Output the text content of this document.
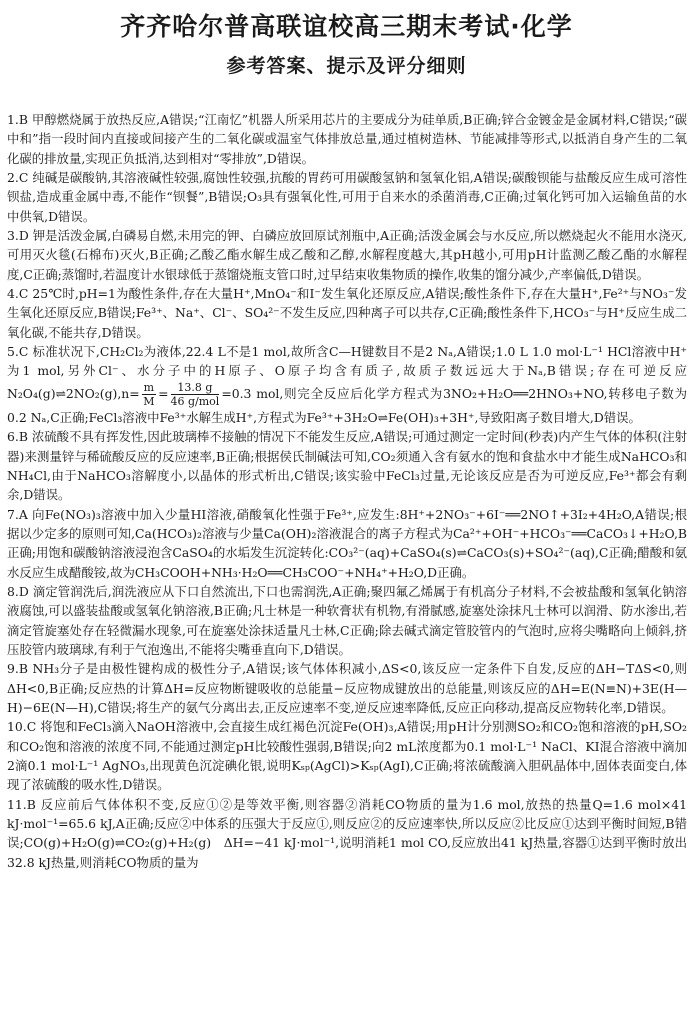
齐齐哈尔普高联谊校高三期末考试·化学
参考答案、提示及评分细则

1.B 甲醇燃烧属于放热反应,A错误;“江南忆”机器人所采用芯片的主要成分为硅单质,B正确;锌合金镀金是金属材料,C错误;“碳中和”指一段时间内直接或间接产生的二氧化碳或温室气体排放总量,通过植树造林、节能减排等形式,以抵消自身产生的二氧化碳的排放量,实现正负抵消,达到相对“零排放”,D错误。

2.C 纯碱是碳酸钠,其溶液碱性较强,腐蚀性较强,抗酸的胃药可用碳酸氢钠和氢氧化铝,A错误;碳酸钡能与盐酸反应生成可溶性钡盐,造成重金属中毒,不能作“钡餐”,B错误;O₃具有强氧化性,可用于自来水的杀菌消毒,C正确;过氧化钙可加入运输鱼苗的水中供氧,D错误。

3.D 钾是活泼金属,白磷易自燃,未用完的钾、白磷应放回原试剂瓶中,A正确;活泼金属会与水反应,所以燃烧起火不能用水浇灭,可用灭火毯(石棉布)灭火,B正确;乙酸乙酯水解生成乙酸和乙醇,水解程度越大,其pH越小,可用pH计监测乙酸乙酯的水解程度,C正确;蒸馏时,若温度计水银球低于蒸馏烧瓶支管口时,过早结束收集物质的操作,收集的馏分减少,产率偏低,D错误。

4.C 25℃时,pH=1为酸性条件,存在大量H⁺,MnO₄⁻和I⁻发生氧化还原反应,A错误;酸性条件下,存在大量H⁺,Fe²⁺与NO₃⁻发生氧化还原反应,B错误;Fe³⁺、Na⁺、Cl⁻、SO₄²⁻不发生反应,四种离子可以共存,C正确;酸性条件下,HCO₃⁻与H⁺反应生成二氧化碳,不能共存,D错误。

5.C 标准状况下,CH₂Cl₂为液体,22.4 L不是1 mol,故所含C—H键数目不是2 Nₐ,A错误;1.0 L 1.0 mol·L⁻¹ HCl溶液中H⁺为1 mol,另外Cl⁻、水分子中的H原子、O原子均含有质子,故质子数远远大于Nₐ,B错误;存在可逆反应N₂O₄(g)⇌2NO₂(g),n= $\frac{m}{M} = \frac{13.8 g}{\text{46 g/mol}} =0.3$ mol,则完全反应后化学方程式为3NO₂+H₂O══2HNO₃+NO,转移电子数为0.2 Nₐ,C正确;FeCl₃溶液中Fe³⁺水解生成H⁺,方程式为Fe³⁺+3H₂O⇌Fe(OH)₃+3H⁺,导致阳离子数目增大,D错误。

6.B 浓硫酸不具有挥发性,因此玻璃棒不接触的情况下不能发生反应,A错误;可通过测定一定时间(秒表)内产生气体的体积(注射器)来测量锌与稀硫酸反应的反应速率,B正确;根据侯氏制碱法可知,CO₂须通入含有氨水的饱和食盐水中才能生成NaHCO₃和NH₄Cl,由于NaHCO₃溶解度小,以晶体的形式析出,C错误;该实验中FeCl₃过量,无论该反应是否为可逆反应,Fe³⁺都会有剩余,D错误。

7.A 向Fe(NO₃)₃溶液中加入少量HI溶液,硝酸氧化性强于Fe³⁺,应发生:8H⁺+2NO₃⁻+6I⁻══2NO↑+3I₂+4H₂O,A错误;根据以少定多的原则可知,Ca(HCO₃)₂溶液与少量Ca(OH)₂溶液混合的离子方程式为Ca²⁺+OH⁻+HCO₃⁻══CaCO₃↓+H₂O,B正确;用饱和碳酸钠溶液浸泡含CaSO₄的水垢发生沉淀转化:CO₃²⁻(aq)+CaSO₄(s)⇌CaCO₃(s)+SO₄²⁻(aq),C正确;醋酸和氨水反应生成醋酸铵,故为CH₃COOH+NH₃·H₂O══CH₃COO⁻+NH₄⁺+H₂O,D正确。

8.D 滴定管润洗后,润洗液应从下口自然流出,下口也需润洗,A正确;聚四氟乙烯属于有机高分子材料,不会被盐酸和氢氧化钠溶液腐蚀,可以盛装盐酸或氢氧化钠溶液,B正确;凡士林是一种软膏状有机物,有滑腻感,旋塞处涂抹凡士林可以润滑、防水渗出,若滴定管旋塞处存在轻微漏水现象,可在旋塞处涂抹适量凡士林,C正确;除去碱式滴定管胶管内的气泡时,应将尖嘴略向上倾斜,挤压胶管内玻璃球,有利于气泡逸出,不能将尖嘴垂直向下,D错误。

9.B NH₃分子是由极性键构成的极性分子,A错误;该气体体积减小,ΔS<0,该反应一定条件下自发,反应的ΔH−TΔS<0,则ΔH<0,B正确;反应热的计算ΔH=反应物断键吸收的总能量−反应物成键放出的总能量,则该反应的ΔH=E(N≡N)+3E(H—H)−6E(N—H),C错误;将生产的氨气分离出去,正反应速率不变,逆反应速率降低,反应正向移动,提高反应物转化率,D错误。

10.C 将饱和FeCl₃滴入NaOH溶液中,会直接生成红褐色沉淀Fe(OH)₃,A错误;用pH计分别测SO₂和CO₂饱和溶液的pH,SO₂和CO₂饱和溶液的浓度不同,不能通过测定pH比较酸性强弱,B错误;向2 mL浓度都为0.1 mol·L⁻¹ NaCl、KI混合溶液中滴加2滴0.1 mol·L⁻¹ AgNO₃,出现黄色沉淀碘化银,说明Kₛₚ(AgCl)>Kₛₚ(AgI),C正确;将浓硫酸滴入胆矾晶体中,固体表面变白,体现了浓硫酸的吸水性,D错误。

11.B 反应前后气体体积不变,反应①②是等效平衡,则容器②消耗CO物质的量为1.6 mol,放热的热量Q=1.6 mol×41 kJ·mol⁻¹=65.6 kJ,A正确;反应②中体系的压强大于反应①,则反应②的反应速率快,所以反应②比反应①达到平衡时间短,B错误;CO(g)+H₂O(g)⇌CO₂(g)+H₂(g)　ΔH=−41 kJ·mol⁻¹,说明消耗1 mol CO,反应放出41 kJ热量,容器①达到平衡时放出32.8 kJ热量,则消耗CO物质的量为
